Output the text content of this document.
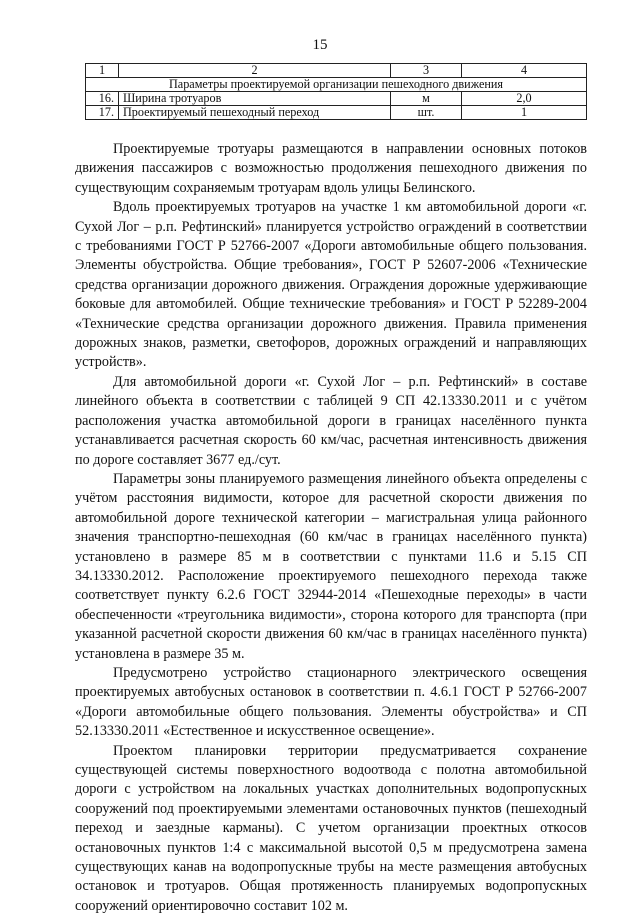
15
1	2	3	4
Параметры проектируемой организации пешеходного движения			
16.	Ширина тротуаров	м	2,0
17.	Проектируемый пешеходный переход	шт.	1

Проектируемые тротуары размещаются в направлении основных потоков движения пассажиров с возможностью продолжения пешеходного движения по существующим сохраняемым тротуарам вдоль улицы Белинского.

Вдоль проектируемых тротуаров на участке 1 км автомобильной дороги «г. Сухой Лог – р.п. Рефтинский» планируется устройство ограждений в соответствии с требованиями ГОСТ Р 52766-2007 «Дороги автомобильные общего пользования. Элементы обустройства. Общие требования», ГОСТ Р 52607-2006 «Технические средства организации дорожного движения. Ограждения дорожные удерживающие боковые для автомобилей. Общие технические требования» и ГОСТ Р 52289-2004 «Технические средства организации дорожного движения. Правила применения дорожных знаков, разметки, светофоров, дорожных ограждений и направляющих устройств».

Для автомобильной дороги «г. Сухой Лог – р.п. Рефтинский» в составе линейного объекта в соответствии с таблицей 9 СП 42.13330.2011 и с учётом расположения участка автомобильной дороги в границах населённого пункта устанавливается расчетная скорость 60 км/час, расчетная интенсивность движения по дороге составляет 3677 ед./сут.

Параметры зоны планируемого размещения линейного объекта определены с учётом расстояния видимости, которое для расчетной скорости движения по автомобильной дороге технической категории – магистральная улица районного значения транспортно-пешеходная (60 км/час в границах населённого пункта) установлено в размере 85 м в соответствии с пунктами 11.6 и 5.15 СП 34.13330.2012. Расположение проектируемого пешеходного перехода также соответствует пункту 6.2.6 ГОСТ 32944-2014 «Пешеходные переходы» в части обеспеченности «треугольника видимости», сторона которого для транспорта (при указанной расчетной скорости движения 60 км/час в границах населённого пункта) установлена в размере 35 м.

Предусмотрено устройство стационарного электрического освещения проектируемых автобусных остановок в соответствии п. 4.6.1 ГОСТ Р 52766-2007 «Дороги автомобильные общего пользования. Элементы обустройства» и СП 52.13330.2011 «Естественное и искусственное освещение».

Проектом планировки территории предусматривается сохранение существующей системы поверхностного водоотвода с полотна автомобильной дороги с устройством на локальных участках дополнительных водопропускных сооружений под проектируемыми элементами остановочных пунктов (пешеходный переход и заездные карманы). С учетом организации проектных откосов остановочных пунктов 1:4 с максимальной высотой 0,5 м предусмотрена замена существующих канав на водопропускные трубы на месте размещения автобусных остановок и тротуаров. Общая протяженность планируемых водопропускных сооружений ориентировочно составит 102 м.
